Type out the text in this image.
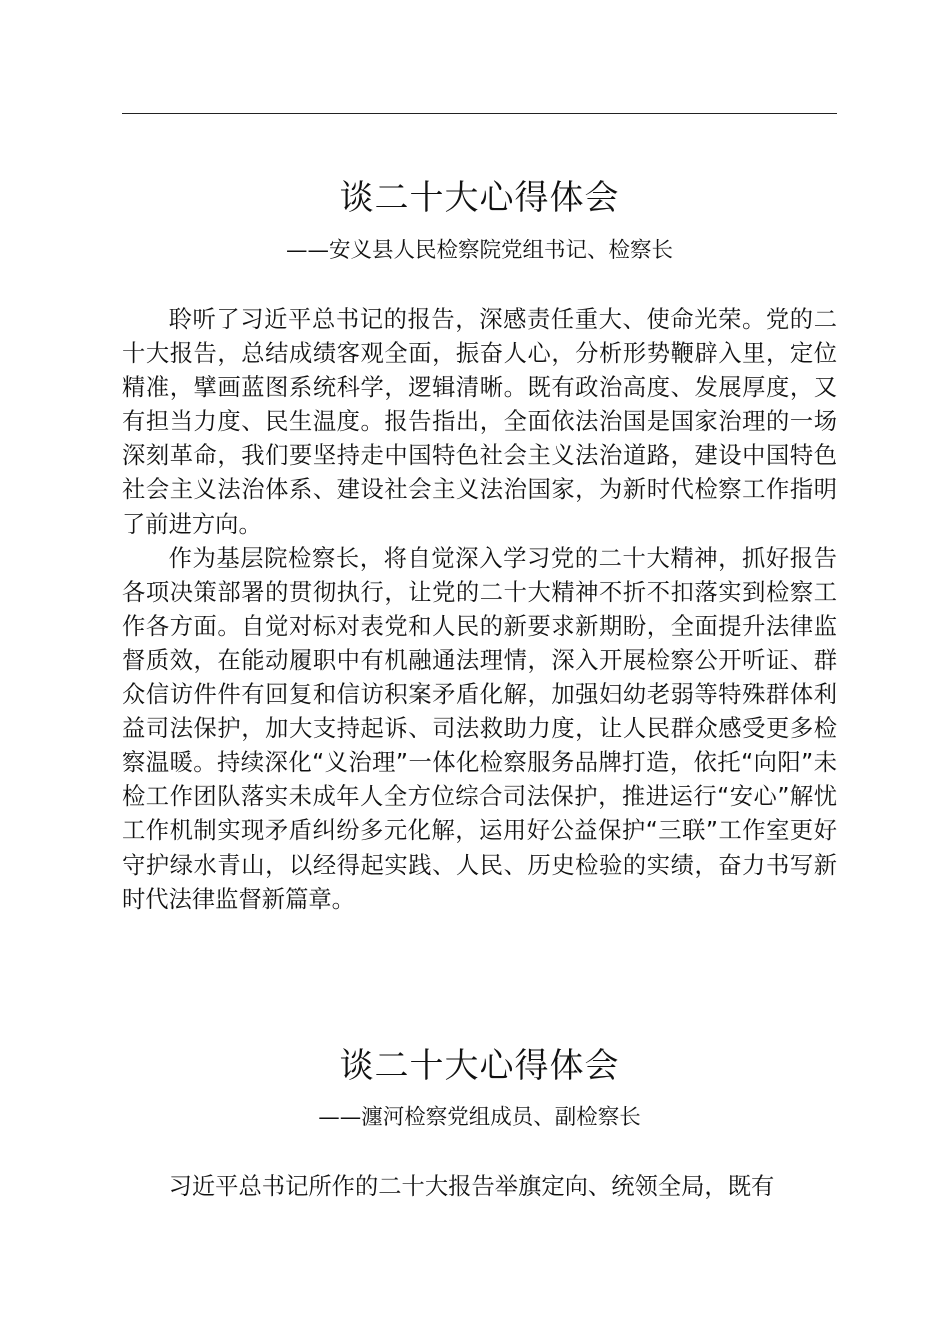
谈二十大心得体会
——安义县人民检察院党组书记、检察长

聆听了习近平总书记的报告，深感责任重大、使命光荣。党的二十大报告，总结成绩客观全面，振奋人心，分析形势鞭辟入里，定位精准，擘画蓝图系统科学，逻辑清晰。既有政治高度、发展厚度，又有担当力度、民生温度。报告指出，全面依法治国是国家治理的一场深刻革命，我们要坚持走中国特色社会主义法治道路，建设中国特色社会主义法治体系、建设社会主义法治国家，为新时代检察工作指明了前进方向。

作为基层院检察长，将自觉深入学习党的二十大精神，抓好报告各项决策部署的贯彻执行，让党的二十大精神不折不扣落实到检察工作各方面。自觉对标对表党和人民的新要求新期盼，全面提升法律监督质效，在能动履职中有机融通法理情，深入开展检察公开听证、群众信访件件有回复和信访积案矛盾化解，加强妇幼老弱等特殊群体利益司法保护，加大支持起诉、司法救助力度，让人民群众感受更多检察温暖。持续深化“义治理”一体化检察服务品牌打造，依托“向阳”未检工作团队落实未成年人全方位综合司法保护，推进运行“安心”解忧工作机制实现矛盾纠纷多元化解，运用好公益保护“三联”工作室更好守护绿水青山，以经得起实践、人民、历史检验的实绩，奋力书写新时代法律监督新篇章。

谈二十大心得体会
——瀍河检察党组成员、副检察长

习近平总书记所作的二十大报告举旗定向、统领全局，既有
